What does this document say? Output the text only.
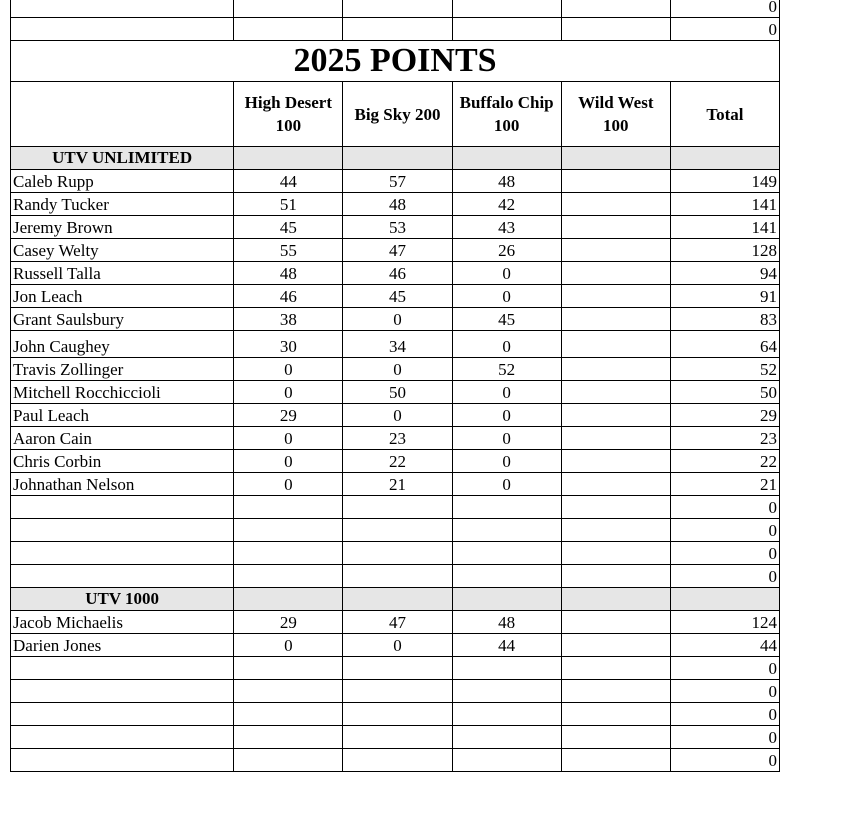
					0
					0
2025 POINTS					
	High Desert 100	Big Sky 200	Buffalo Chip 100	Wild West 100	Total
UTV UNLIMITED					
Caleb Rupp	44	57	48		149
Randy Tucker	51	48	42		141
Jeremy Brown	45	53	43		141
Casey Welty	55	47	26		128
Russell Talla	48	46	0		94
Jon Leach	46	45	0		91
Grant Saulsbury	38	0	45		83
John Caughey	30	34	0		64
Travis Zollinger	0	0	52		52
Mitchell Rocchiccioli	0	50	0		50
Paul Leach	29	0	0		29
Aaron Cain	0	23	0		23
Chris Corbin	0	22	0		22
Johnathan Nelson	0	21	0		21
					0
					0
					0
					0
UTV 1000					
Jacob Michaelis	29	47	48		124
Darien Jones	0	0	44		44
					0
					0
					0
					0
					0
